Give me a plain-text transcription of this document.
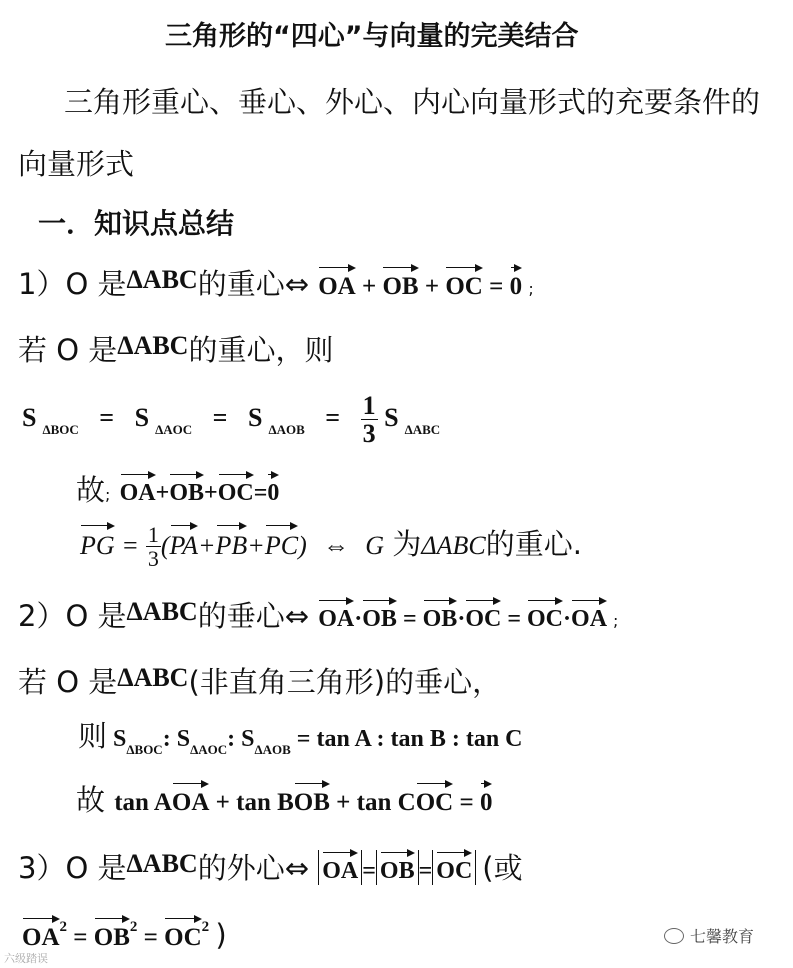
三角形的“四心”与向量的完美结合
三角形重心、垂心、外心、内心向量形式的充要条件的
向量形式
一．知识点总结
1）O 是ΔABC的重心⇔ OA + OB + OC = 0 ;
若 O 是ΔABC的重心，则
S $_{\Delta BOC}$ = S $_{\Delta AOC}$ = S $_{\Delta AOB} = \frac{1}{3}$ S $_{\Delta ABC}$
故; OA+OB+OC=0
PG = $\frac{1}{3} (PA+PB+PC)$ ⇔ G 为ΔABC的重心.
2）O 是ΔABC的垂心⇔ OA·OB = OB·OC = OC·OA ;
若 O 是ΔABC(非直角三角形)的垂心，
则 $S_{\Delta BOC}$: $S_{\Delta AOC}$: $S_{\Delta AOB} = \tan A$ : tan B : tan C
故 tan AOA + tan BOB + tan COC = 0
3）O 是ΔABC的外心⇔ OA = OB = OC (或
$OA^2 = OB^2 = OC^2$ )	七馨教育
六级踏误
